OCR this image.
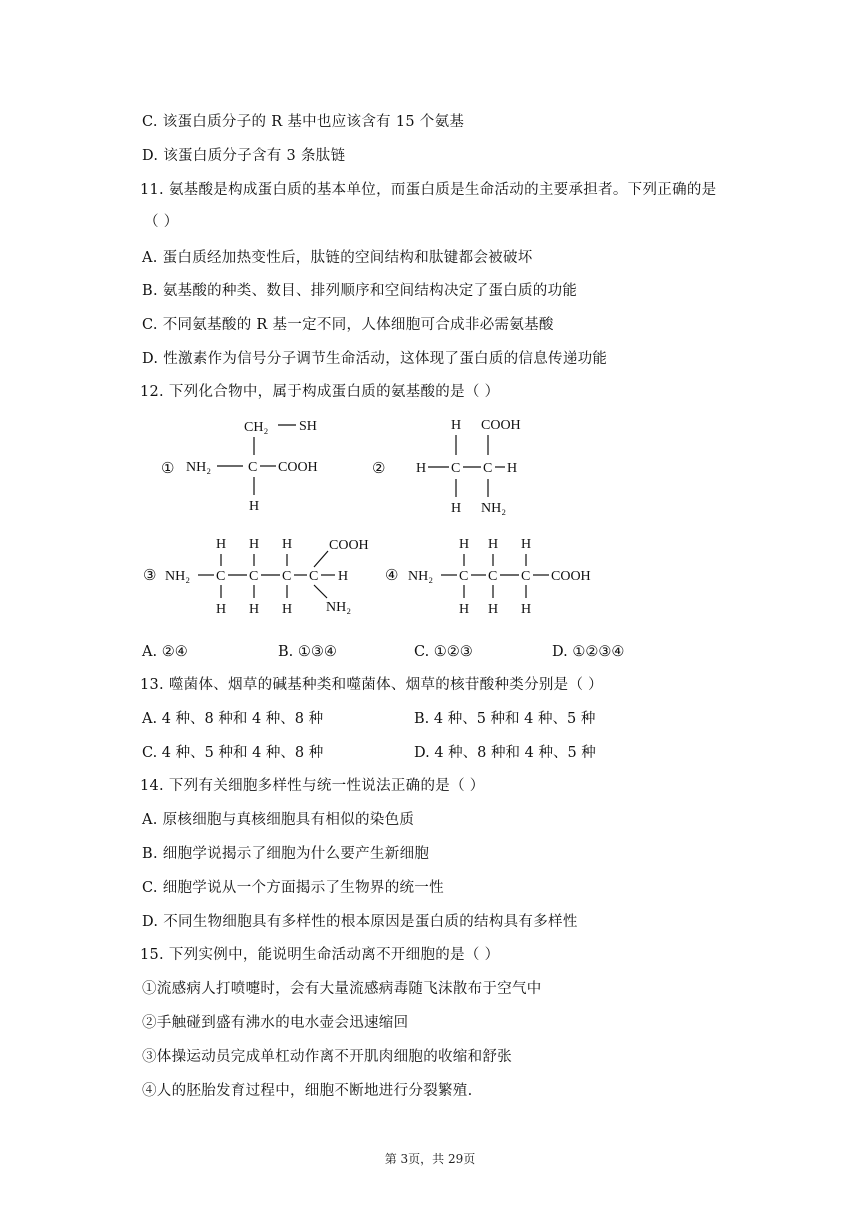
C. 该蛋白质分子的 R 基中也应该含有 15 个氨基
D. 该蛋白质分子含有 3 条肽链
11. 氨基酸是构成蛋白质的基本单位，而蛋白质是生命活动的主要承担者。下列正确的是
（ ）
A. 蛋白质经加热变性后，肽链的空间结构和肽键都会被破坏
B. 氨基酸的种类、数目、排列顺序和空间结构决定了蛋白质的功能
C. 不同氨基酸的 R 基一定不同，人体细胞可合成非必需氨基酸
D. 性激素作为信号分子调节生命活动，这体现了蛋白质的信息传递功能
12. 下列化合物中，属于构成蛋白质的氨基酸的是（ ）
①
CH₂ SH
NH₂	C COOH
H
②
H COOH
H C C H
H NH₂
③ NH₂ C C C C H
H H H
H H H
COOH
NH₂
④ NH₂ C C C COOH
H H H
H H H
A. ②④	B. ①③④	C. ①②③	D. ①②③④
13. 噬菌体、烟草的碱基种类和噬菌体、烟草的核苷酸种类分别是（ ）
A. 4 种、8 种和 4 种、8 种	B. 4 种、5 种和 4 种、5 种
C. 4 种、5 种和 4 种、8 种	D. 4 种、8 种和 4 种、5 种
14. 下列有关细胞多样性与统一性说法正确的是（ ）
A. 原核细胞与真核细胞具有相似的染色质
B. 细胞学说揭示了细胞为什么要产生新细胞
C. 细胞学说从一个方面揭示了生物界的统一性
D. 不同生物细胞具有多样性的根本原因是蛋白质的结构具有多样性
15. 下列实例中，能说明生命活动离不开细胞的是（ ）
①流感病人打喷嚏时，会有大量流感病毒随飞沫散布于空气中
②手触碰到盛有沸水的电水壶会迅速缩回
③体操运动员完成单杠动作离不开肌肉细胞的收缩和舒张
④人的胚胎发育过程中，细胞不断地进行分裂繁殖.
第 3页，共 29页
